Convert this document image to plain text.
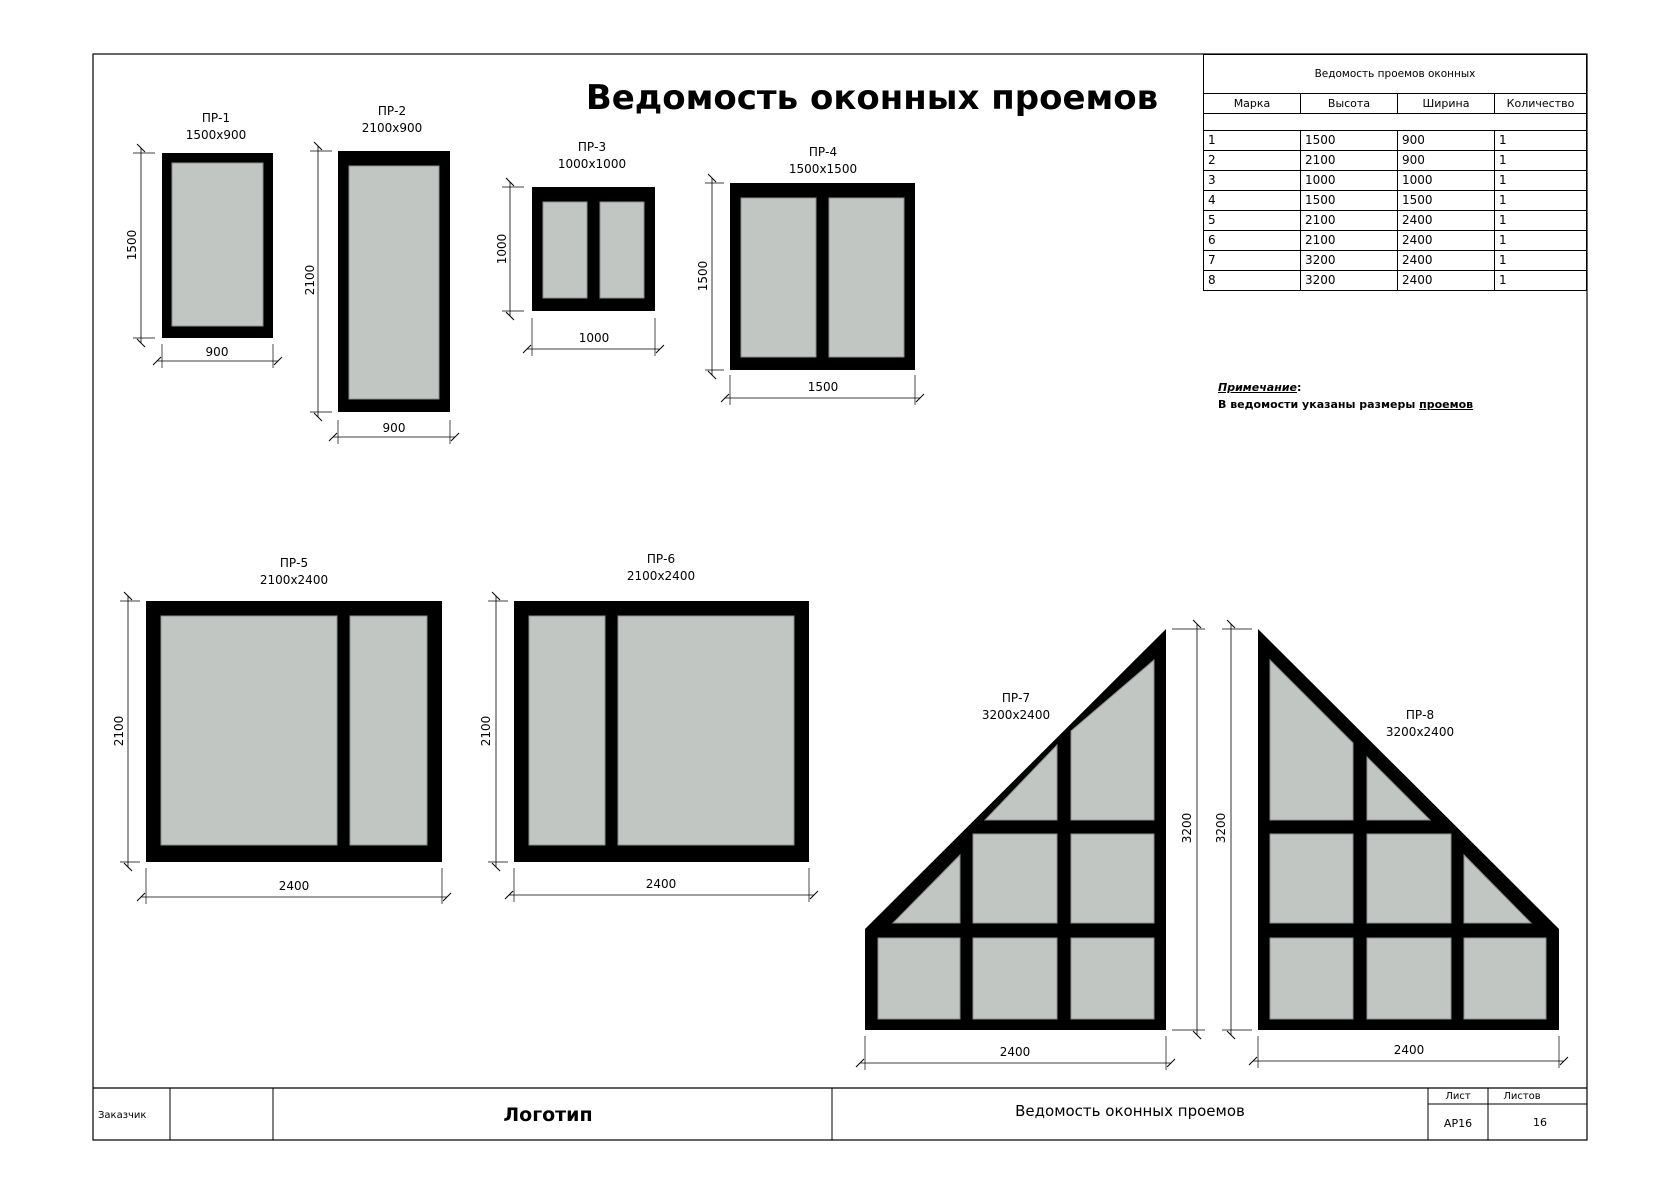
Ведомость оконных проемов
ПР-1
1500x900
1500
900
ПР-2
2100x900
2100
900
ПР-3
1000x1000
1000
1000
ПР-4
1500x1500
1500
1500
ПР-5
2100x2400
2100
2400
ПР-6
2100x2400
2100
2400
ПР-7
3200x2400
3200
2400
ПР-8
3200x2400
3200
2400
Заказчик	Логотип	Ведомость оконных проемов
Лист	Листов
АР16	16
Ведомость проемов оконных			
Марка	Высота	Ширина	Количество

1	1500	900	1
2	2100	900	1
3	1000	1000	1
4	1500	1500	1
5	2100	2400	1
6	2100	2400	1
7	3200	2400	1
8	3200	2400	1
Примечание:
В ведомости указаны размеры проемов
